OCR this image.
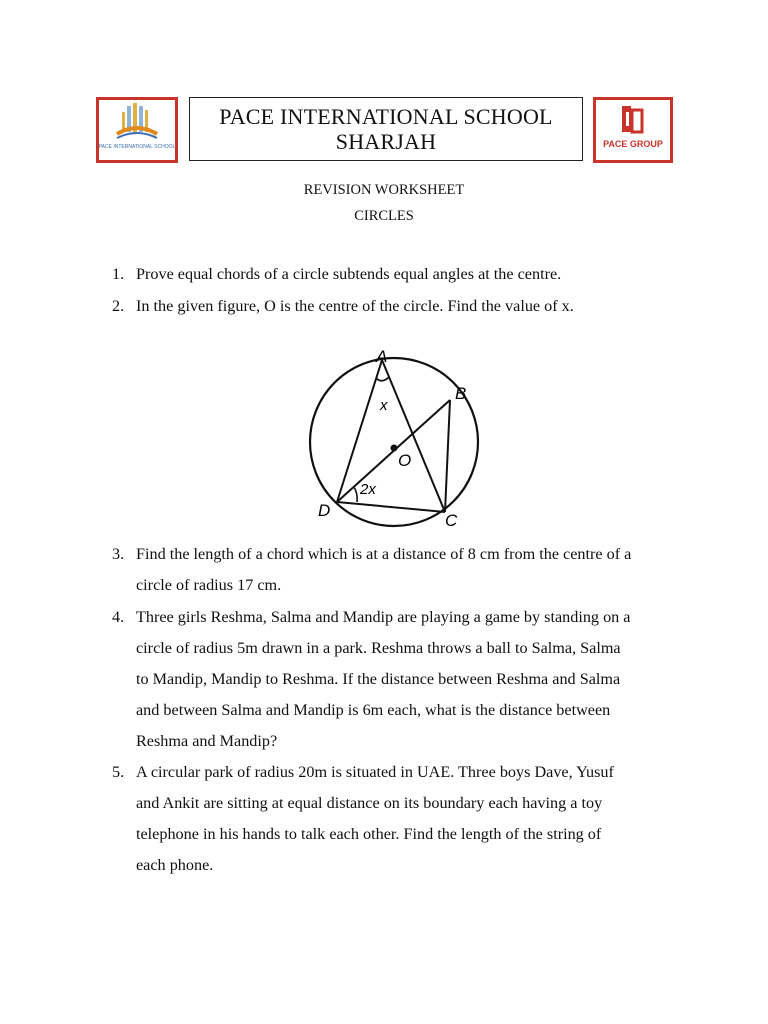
PACE INTERNATIONAL SCHOOL
PACE INTERNATIONAL SCHOOL
SHARJAH	PACE GROUP
REVISION WORKSHEET
CIRCLES
1. Prove equal chords of a circle subtends equal angles at the centre.
2. In the given figure, O is the centre of the circle. Find the value of x.
A
B
C
D
O
x
2x
3. Find the length of a chord which is at a distance of 8 cm from the centre of a
circle of radius 17 cm.
4. Three girls Reshma, Salma and Mandip are playing a game by standing on a
circle of radius 5m drawn in a park. Reshma throws a ball to Salma, Salma
to Mandip, Mandip to Reshma. If the distance between Reshma and Salma
and between Salma and Mandip is 6m each, what is the distance between
Reshma and Mandip?
5. A circular park of radius 20m is situated in UAE. Three boys Dave, Yusuf
and Ankit are sitting at equal distance on its boundary each having a toy
telephone in his hands to talk each other. Find the length of the string of
each phone.
